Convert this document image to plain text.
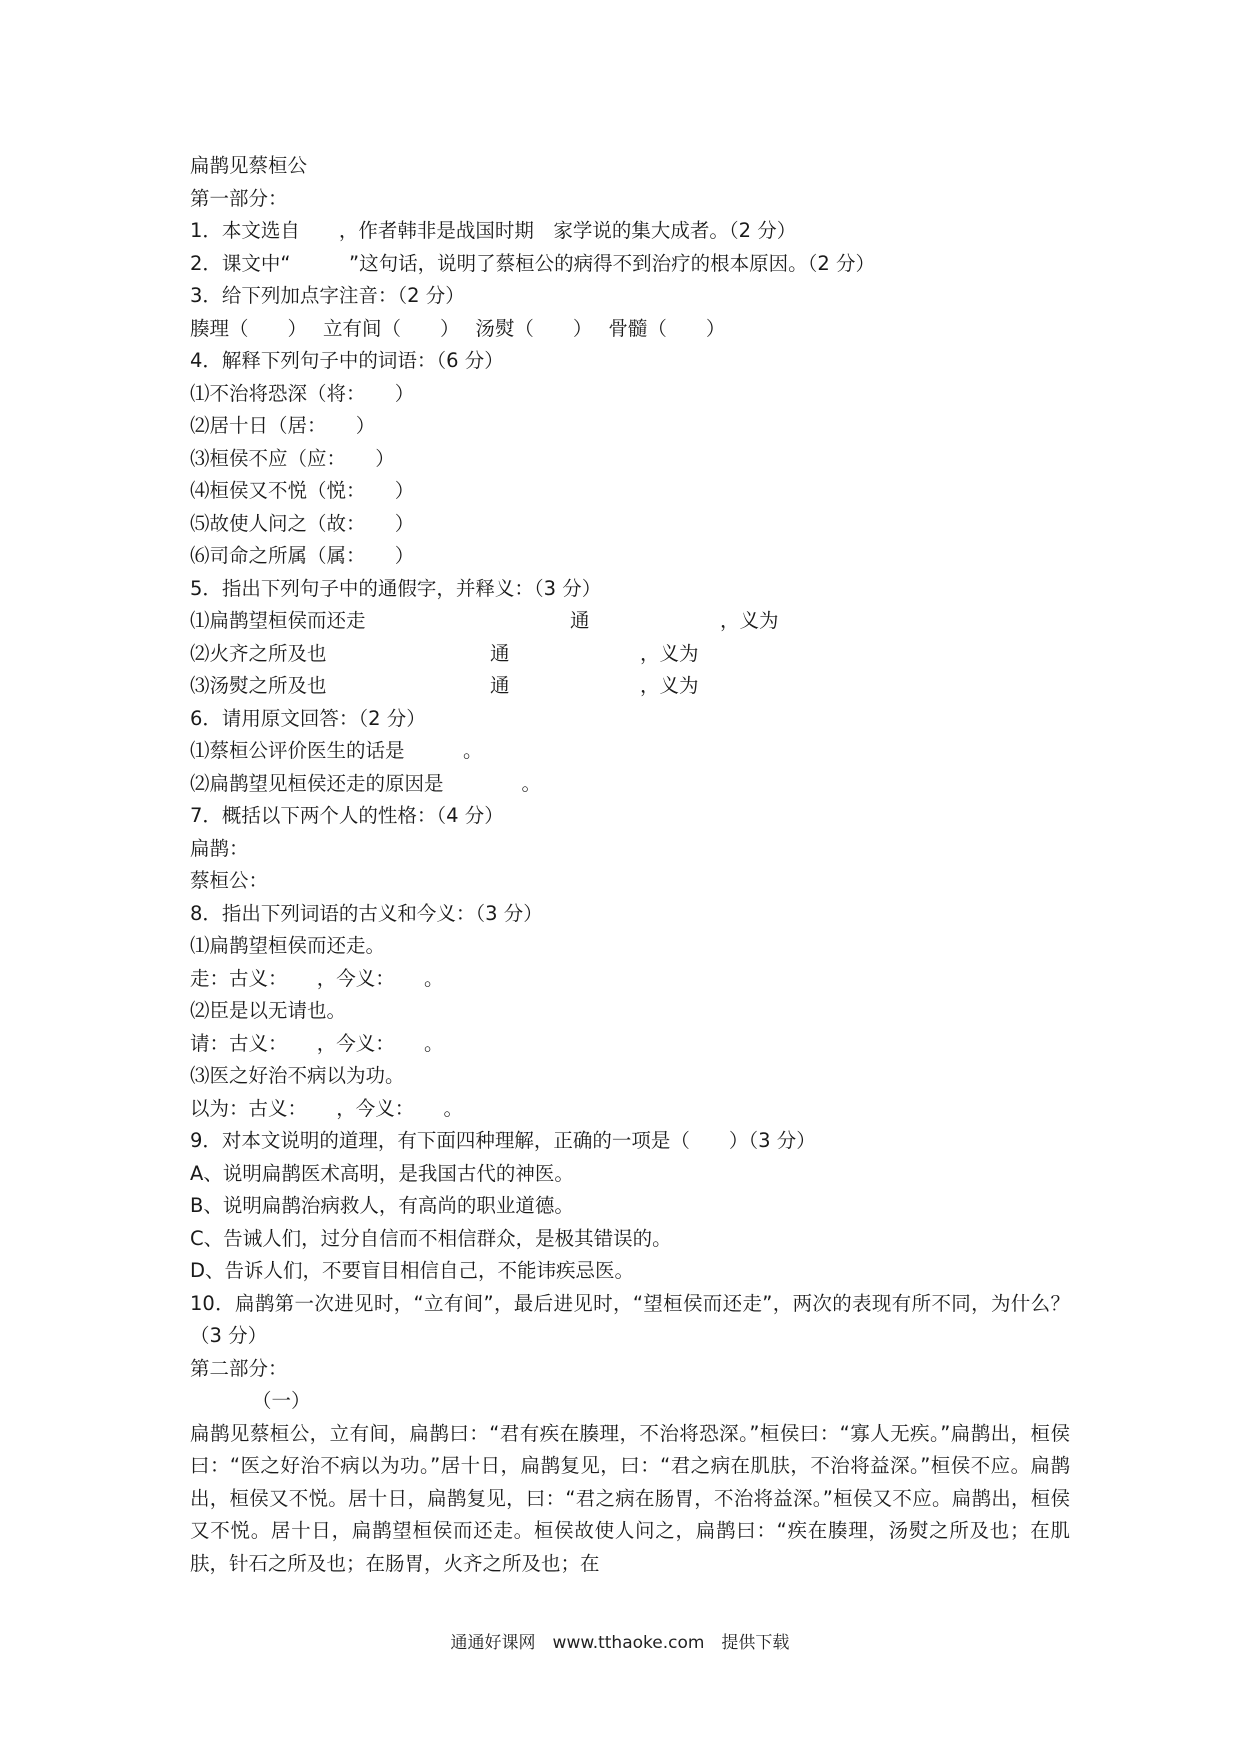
扁鹊见蔡桓公
第一部分：
1．本文选自　　，作者韩非是战国时期　家学说的集大成者。（2 分）
2．课文中“　　　”这句话，说明了蔡桓公的病得不到治疗的根本原因。（2 分）
3．给下列加点字注音：（2 分）
腠理（　　）　 立有间（　　）　 汤熨（　　）　 骨髓（　　）
4．解释下列句子中的词语：（6 分）
⑴不治将恐深（将：　　）
⑵居十日（居：　　）
⑶桓侯不应（应：　　）
⑷桓侯又不悦（悦：　　）
⑸故使人问之（故：　　）
⑹司命之所属（属：　　）
5．指出下列句子中的通假字，并释义：（3 分）
⑴扁鹊望桓侯而还走	通	，义为
⑵火齐之所及也	通	，义为
⑶汤熨之所及也	通	，义为
6．请用原文回答：（2 分）
⑴蔡桓公评价医生的话是　　　。
⑵扁鹊望见桓侯还走的原因是　　　　。
7．概括以下两个人的性格：（4 分）
扁鹊：
蔡桓公：
8．指出下列词语的古义和今义：（3 分）
⑴扁鹊望桓侯而还走。
走：古义：　　，今义：　　。
⑵臣是以无请也。
请：古义：　　，今义：　　。
⑶医之好治不病以为功。
以为：古义：　　，今义：　　。
9．对本文说明的道理，有下面四种理解，正确的一项是（　　）（3 分）
A、说明扁鹊医术高明，是我国古代的神医。
B、说明扁鹊治病救人，有高尚的职业道德。
C、告诫人们，过分自信而不相信群众，是极其错误的。
D、告诉人们，不要盲目相信自己，不能讳疾忌医。
10．扁鹊第一次进见时，“立有间”，最后进见时，“望桓侯而还走”，两次的表现有所不同，为什么？（3 分）
第二部分：
（一）
扁鹊见蔡桓公，立有间，扁鹊曰：“君有疾在腠理，不治将恐深。”桓侯曰：“寡人无疾。”扁鹊出，桓侯曰：“医之好治不病以为功。”居十日，扁鹊复见，曰：“君之病在肌肤，不治将益深。”桓侯不应。扁鹊出，桓侯又不悦。居十日，扁鹊复见，曰：“君之病在肠胃，不治将益深。”桓侯又不应。扁鹊出，桓侯又不悦。居十日，扁鹊望桓侯而还走。桓侯故使人问之，扁鹊曰：“疾在腠理，汤熨之所及也；在肌肤，针石之所及也；在肠胃，火齐之所及也；在
通通好课网　www.tthaoke.com　提供下载
